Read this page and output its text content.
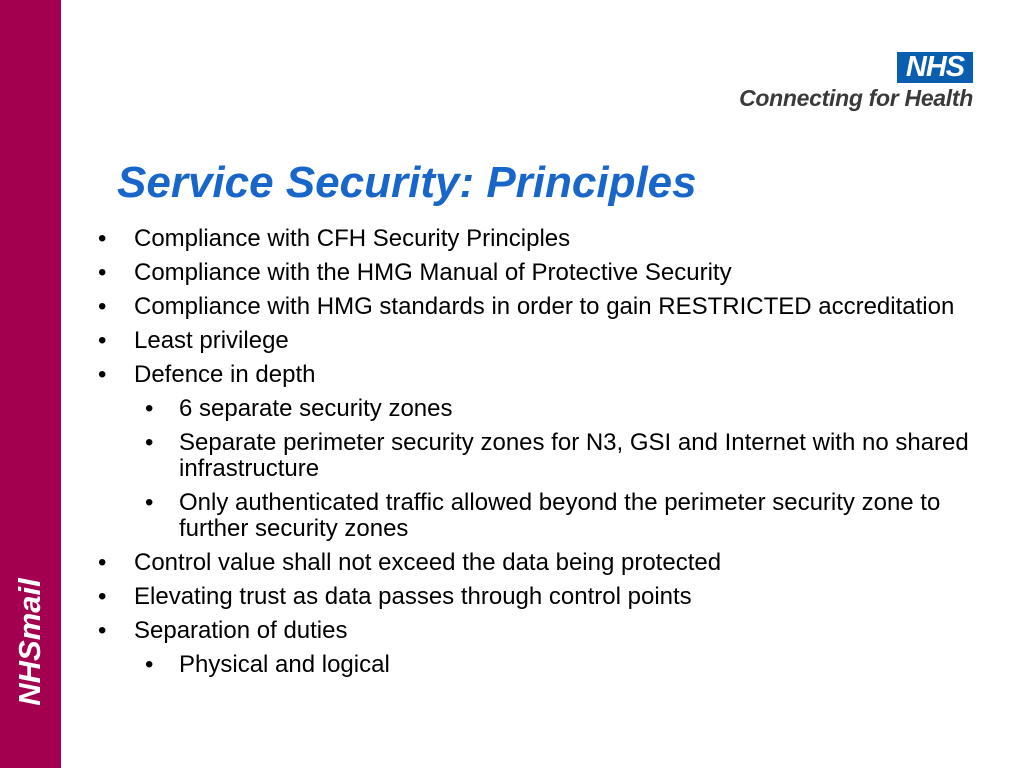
NHSmail
NHS
Connecting for Health
Service Security: Principles
• Compliance with CFH Security Principles
• Compliance with the HMG Manual of Protective Security
• Compliance with HMG standards in order to gain RESTRICTED accreditation
• Least privilege
• Defence in depth
• 6 separate security zones
• Separate perimeter security zones for N3, GSI and Internet with no shared infrastructure
• Only authenticated traffic allowed beyond the perimeter security zone to further security zones
• Control value shall not exceed the data being protected
• Elevating trust as data passes through control points
• Separation of duties
• Physical and logical
